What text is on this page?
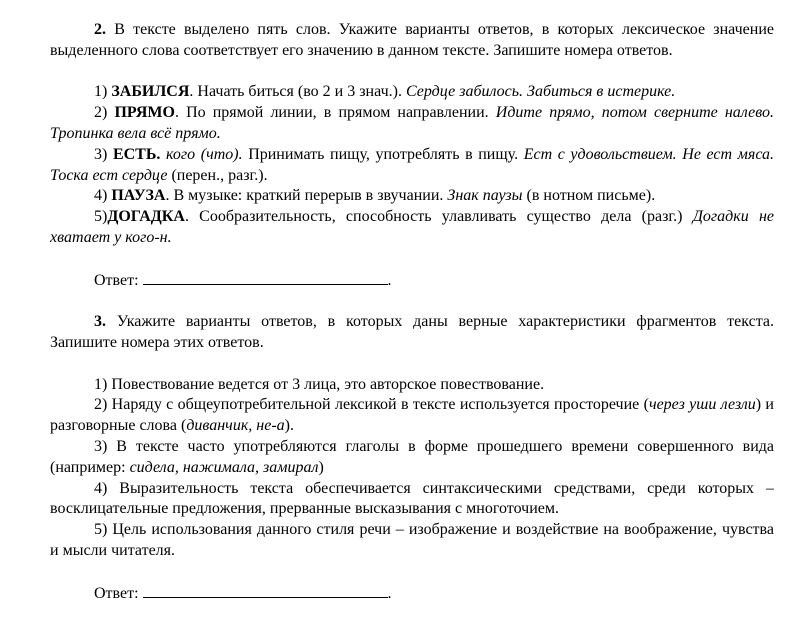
2. В тексте выделено пять слов. Укажите варианты ответов, в которых лексическое значение выделенного слова соответствует его значению в данном тексте. Запишите номера ответов.

1) ЗАБИЛСЯ. Начать биться (во 2 и 3 знач.). Сердце забилось. Забиться в истерике.

2) ПРЯМО. По прямой линии, в прямом направлении. Идите прямо, потом сверните налево. Тропинка вела всё прямо.

3) ЕСТЬ. кого (что). Принимать пищу, употреблять в пищу. Ест с удовольствием. Не ест мяса. Тоска ест сердце (перен., разг.).

4) ПАУЗА. В музыке: краткий перерыв в звучании. Знак паузы (в нотном письме).

5)ДОГАДКА. Сообразительность, способность улавливать существо дела (разг.) Догадки не хватает у кого-н.

Ответ:	.

3. Укажите варианты ответов, в которых даны верные характеристики фрагментов текста. Запишите номера этих ответов.

1) Повествование ведется от 3 лица, это авторское повествование.

2) Наряду с общеупотребительной лексикой в тексте используется просторечие (через уши лезли) и разговорные слова (диванчик, не-а).

3) В тексте часто употребляются глаголы в форме прошедшего времени совершенного вида (например: сидела, нажимала, замирал)

4) Выразительность текста обеспечивается синтаксическими средствами, среди которых – восклицательные предложения, прерванные высказывания с многоточием.

5) Цель использования данного стиля речи – изображение и воздействие на воображение, чувства и мысли читателя.

Ответ:	.
